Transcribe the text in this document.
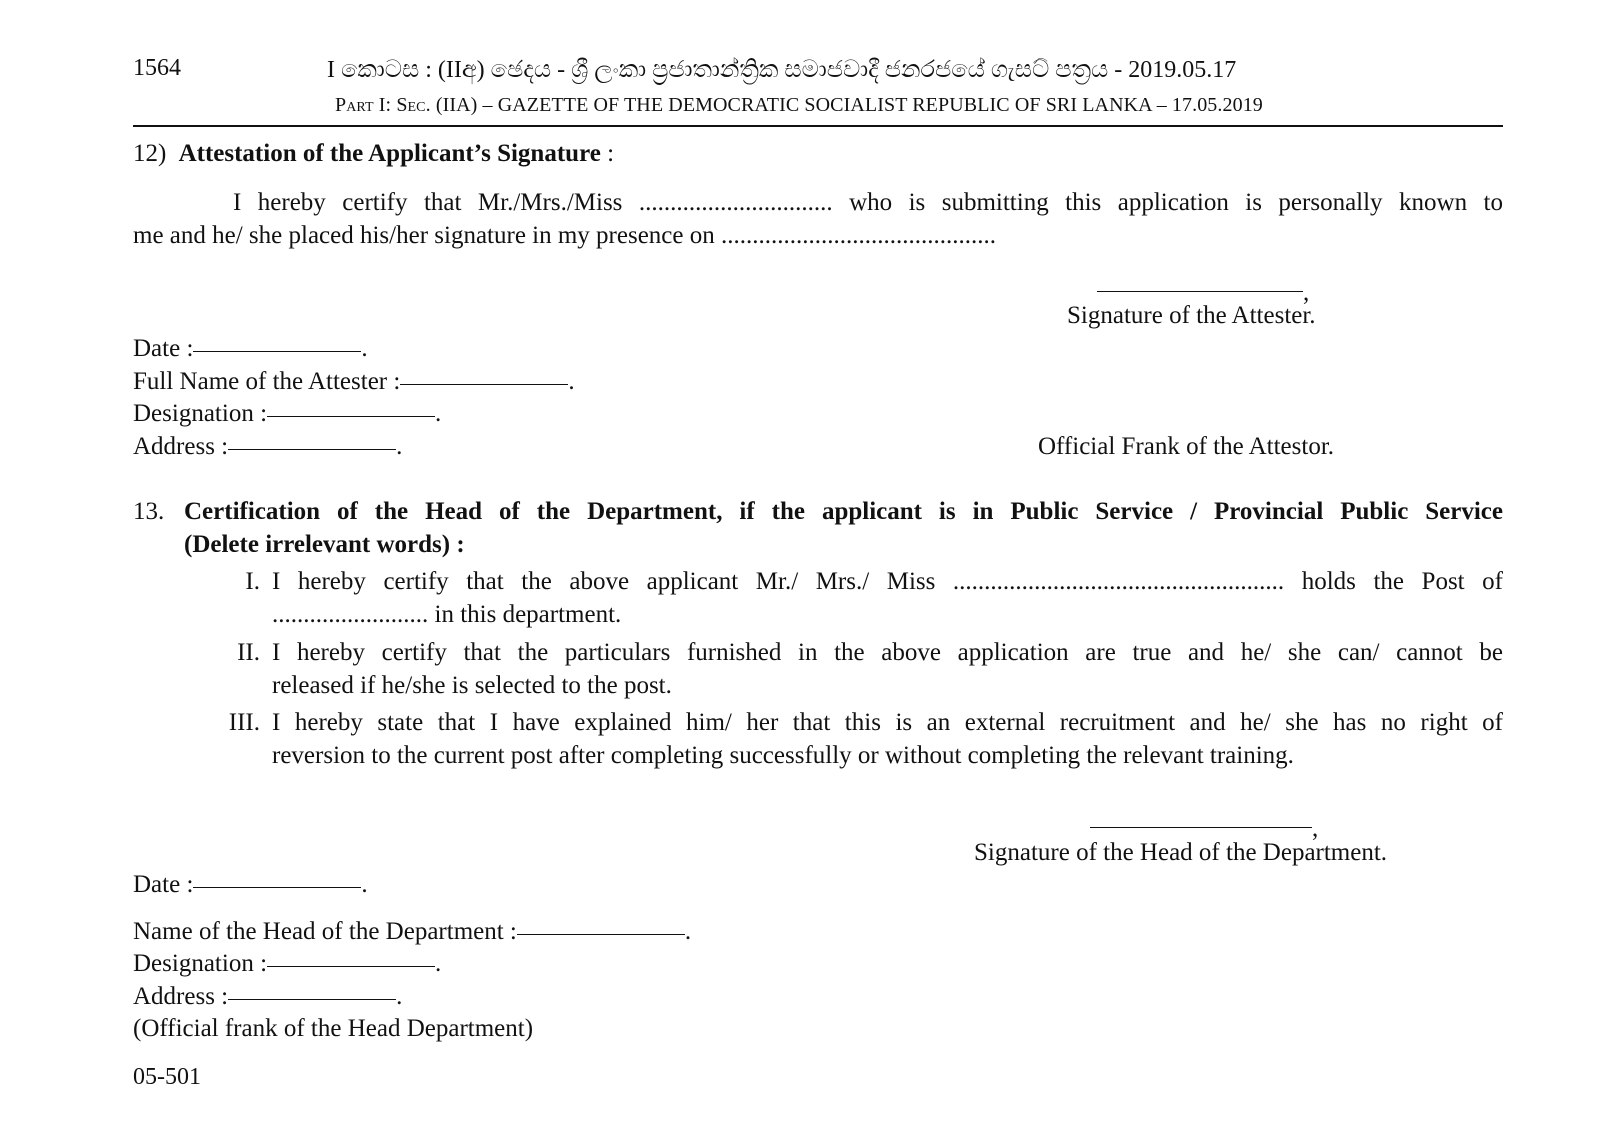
1564	I කොටස : (IIඅ) ඡෙදය - ශ්‍රී ලංකා ප්‍රජාතාන්ත්‍රික සමාජවාදී ජනරජයේ ගැසට් පත්‍රය - 2019.05.17
Part I: Sec. (IIA) – GAZETTE OF THE DEMOCRATIC SOCIALIST REPUBLIC OF SRI LANKA – 17.05.2019
12) Attestation of the Applicant’s Signature :
I hereby certify that Mr./Mrs./Miss ............................... who is submitting this application is personally known to
me and he/ she placed his/her signature in my presence on ............................................
,
Signature of the Attester.
Date :	.
Full Name of the Attester :	.
Designation :	.
Address :	.	Official Frank of the Attestor.
13. Certification of the Head of the Department, if the applicant is in Public Service / Provincial Public Service
(Delete irrelevant words) :
I. I hereby certify that the above applicant Mr./ Mrs./ Miss ..................................................... holds the Post of
......................... in this department.
II. I hereby certify that the particulars furnished in the above application are true and he/ she can/ cannot be
released if he/she is selected to the post.
III. I hereby state that I have explained him/ her that this is an external recruitment and he/ she has no right of
reversion to the current post after completing successfully or without completing the relevant training.
,
Signature of the Head of the Department.
Date :	.
Name of the Head of the Department :	.
Designation :	.
Address :	.
(Official frank of the Head Department)
05-501
